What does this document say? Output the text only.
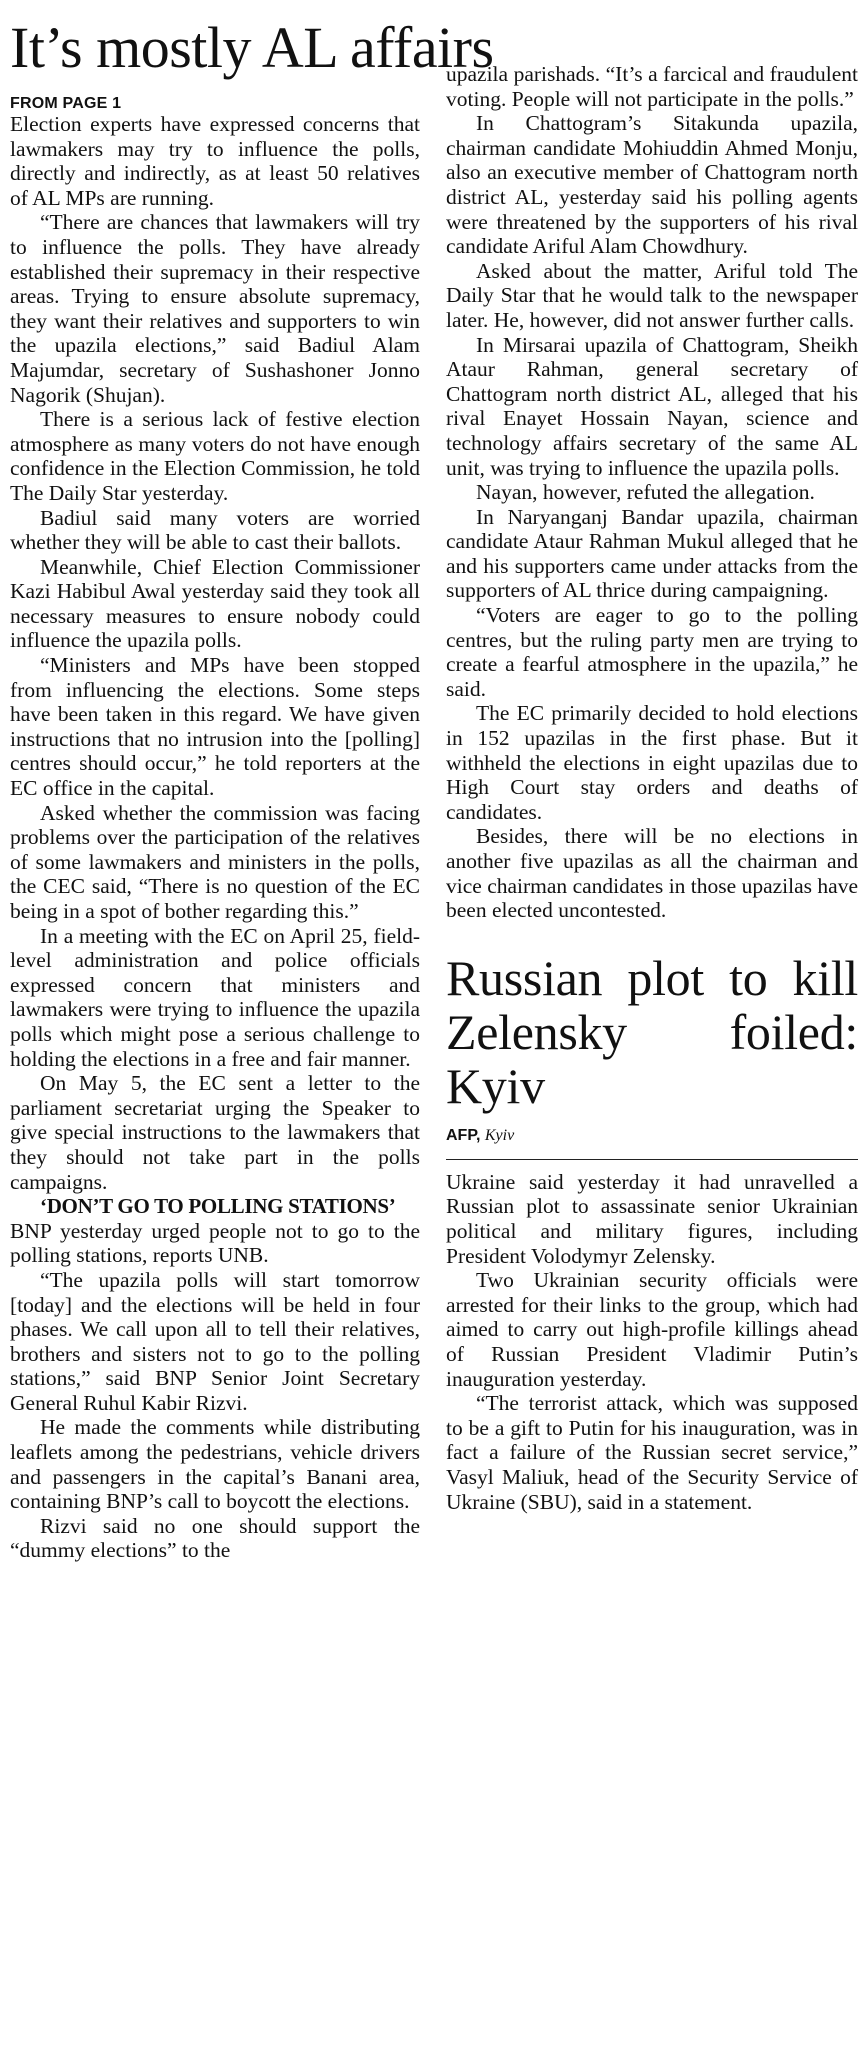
It’s mostly AL affairs
FROM PAGE 1

Election experts have expressed concerns that lawmakers may try to influence the polls, directly and indirectly, as at least 50 relatives of AL MPs are running.

“There are chances that lawmakers will try to influence the polls. They have already established their supremacy in their respective areas. Trying to ensure absolute supremacy, they want their relatives and supporters to win the upazila elections,” said Badiul Alam Majumdar, secretary of Sushashoner Jonno Nagorik (Shujan).

There is a serious lack of festive election atmosphere as many voters do not have enough confidence in the Election Commission, he told The Daily Star yesterday.

Badiul said many voters are worried whether they will be able to cast their ballots.

Meanwhile, Chief Election Commissioner Kazi Habibul Awal yesterday said they took all necessary measures to ensure nobody could influence the upazila polls.

“Ministers and MPs have been stopped from influencing the elections. Some steps have been taken in this regard. We have given instructions that no intrusion into the [polling] centres should occur,” he told reporters at the EC office in the capital.

Asked whether the commission was facing problems over the participation of the relatives of some lawmakers and ministers in the polls, the CEC said, “There is no question of the EC being in a spot of bother regarding this.”

In a meeting with the EC on April 25, field-level administration and police officials expressed concern that ministers and lawmakers were trying to influence the upazila polls which might pose a serious challenge to holding the elections in a free and fair manner.

On May 5, the EC sent a letter to the parliament secretariat urging the Speaker to give special instructions to the lawmakers that they should not take part in the polls campaigns.

‘DON’T GO TO POLLING STATIONS’

BNP yesterday urged people not to go to the polling stations, reports UNB.

“The upazila polls will start tomorrow [today] and the elections will be held in four phases. We call upon all to tell their relatives, brothers and sisters not to go to the polling stations,” said BNP Senior Joint Secretary General Ruhul Kabir Rizvi.

He made the comments while distributing leaflets among the pedestrians, vehicle drivers and passengers in the capital’s Banani area, containing BNP’s call to boycott the elections.

Rizvi said no one should support the “dummy elections” to the

upazila parishads. “It’s a farcical and fraudulent voting. People will not participate in the polls.”

In Chattogram’s Sitakunda upazila, chairman candidate Mohiuddin Ahmed Monju, also an executive member of Chattogram north district AL, yesterday said his polling agents were threatened by the supporters of his rival candidate Ariful Alam Chowdhury.

Asked about the matter, Ariful told The Daily Star that he would talk to the newspaper later. He, however, did not answer further calls.

In Mirsarai upazila of Chattogram, Sheikh Ataur Rahman, general secretary of Chattogram north district AL, alleged that his rival Enayet Hossain Nayan, science and technology affairs secretary of the same AL unit, was trying to influence the upazila polls.

Nayan, however, refuted the allegation.

In Naryanganj Bandar upazila, chairman candidate Ataur Rahman Mukul alleged that he and his supporters came under attacks from the supporters of AL thrice during campaigning.

“Voters are eager to go to the polling centres, but the ruling party men are trying to create a fearful atmosphere in the upazila,” he said.

The EC primarily decided to hold elections in 152 upazilas in the first phase. But it withheld the elections in eight upazilas due to High Court stay orders and deaths of candidates.

Besides, there will be no elections in another five upazilas as all the chairman and vice chairman candidates in those upazilas have been elected uncontested.

Russian plot to kill Zelensky foiled: Kyiv
AFP, Kyiv

Ukraine said yesterday it had unravelled a Russian plot to assassinate senior Ukrainian political and military figures, including President Volodymyr Zelensky.

Two Ukrainian security officials were arrested for their links to the group, which had aimed to carry out high-profile killings ahead of Russian President Vladimir Putin’s inauguration yesterday.

“The terrorist attack, which was supposed to be a gift to Putin for his inauguration, was in fact a failure of the Russian secret service,” Vasyl Maliuk, head of the Security Service of Ukraine (SBU), said in a statement.
